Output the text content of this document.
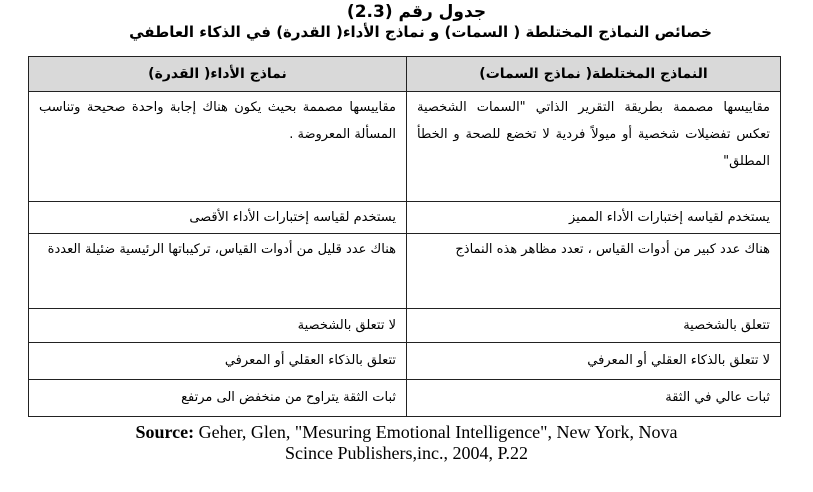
جدول رقم (2.3)
خصائص النماذج المختلطة ( السمات) و نماذج الأداء( القدرة) في الذكاء العاطفي
النماذج المختلطة( نماذج السمات)	نماذج الأداء( القدرة)
مقاييسها مصممة بطريقة التقرير الذاتي "السمات الشخصية تعكس تفضيلات شخصية أو ميولاً فردية لا تخضع للصحة و الخطأ المطلق"	مقاييسها مصممة بحيث يكون هناك إجابة واحدة صحيحة وتناسب المسألة المعروضة .
يستخدم لقياسه إختبارات الأداء المميز	يستخدم لقياسه إختبارات الأداء الأقصى
هناك عدد كبير من أدوات القياس ، تعدد مظاهر هذه النماذج	هناك عدد قليل من أدوات القياس، تركيباتها الرئيسية ضئيلة العددة
تتعلق بالشخصية	لا تتعلق بالشخصية
لا تتعلق بالذكاء العقلي أو المعرفي	تتعلق بالذكاء العقلي أو المعرفي
ثبات عالي في الثقة	ثبات الثقة يتراوح من منخفض الى مرتفع
Source: Geher, Glen, "Mesuring Emotional Intelligence", New York, Nova
Scince Publishers,inc., 2004, P.22
